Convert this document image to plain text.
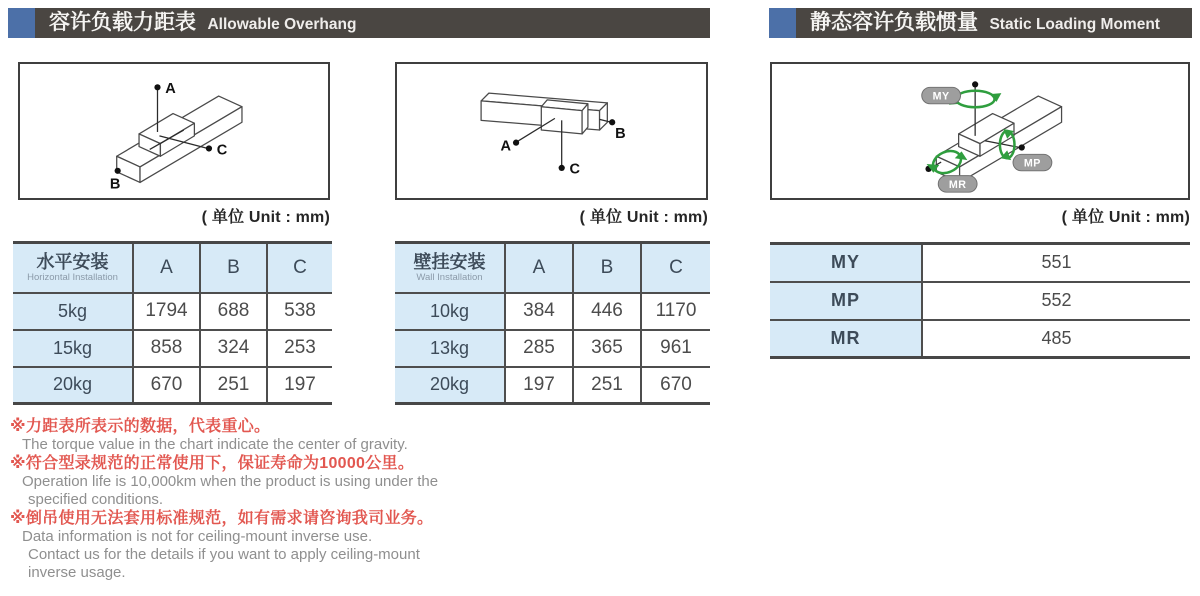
容许负载力距表 Allowable Overhang	静态容许负载惯量 Static Loading Moment
A
C
B
( 单位 Unit : mm)
B
A
C
( 单位 Unit : mm)
MY
MP
MR
( 单位 Unit : mm)
水平安装
Horizontal Installation	A	B	C
5kg	1794	688	538
15kg	858	324	253
20kg	670	251	197
壁挂安装
Wall Installation	A	B	C
10kg	384	446	1170
13kg	285	365	961
20kg	197	251	670
MY	551
MP	552
MR	485
※力距表所表示的数据，代表重心。
The torque value in the chart indicate the center of gravity.
※符合型录规范的正常使用下，保证寿命为10000公里。
Operation life is 10,000km when the product is using under the
specified conditions.
※倒吊使用无法套用标准规范，如有需求请咨询我司业务。
Data information is not for ceiling-mount inverse use.
Contact us for the details if you want to apply ceiling-mount
inverse usage.
